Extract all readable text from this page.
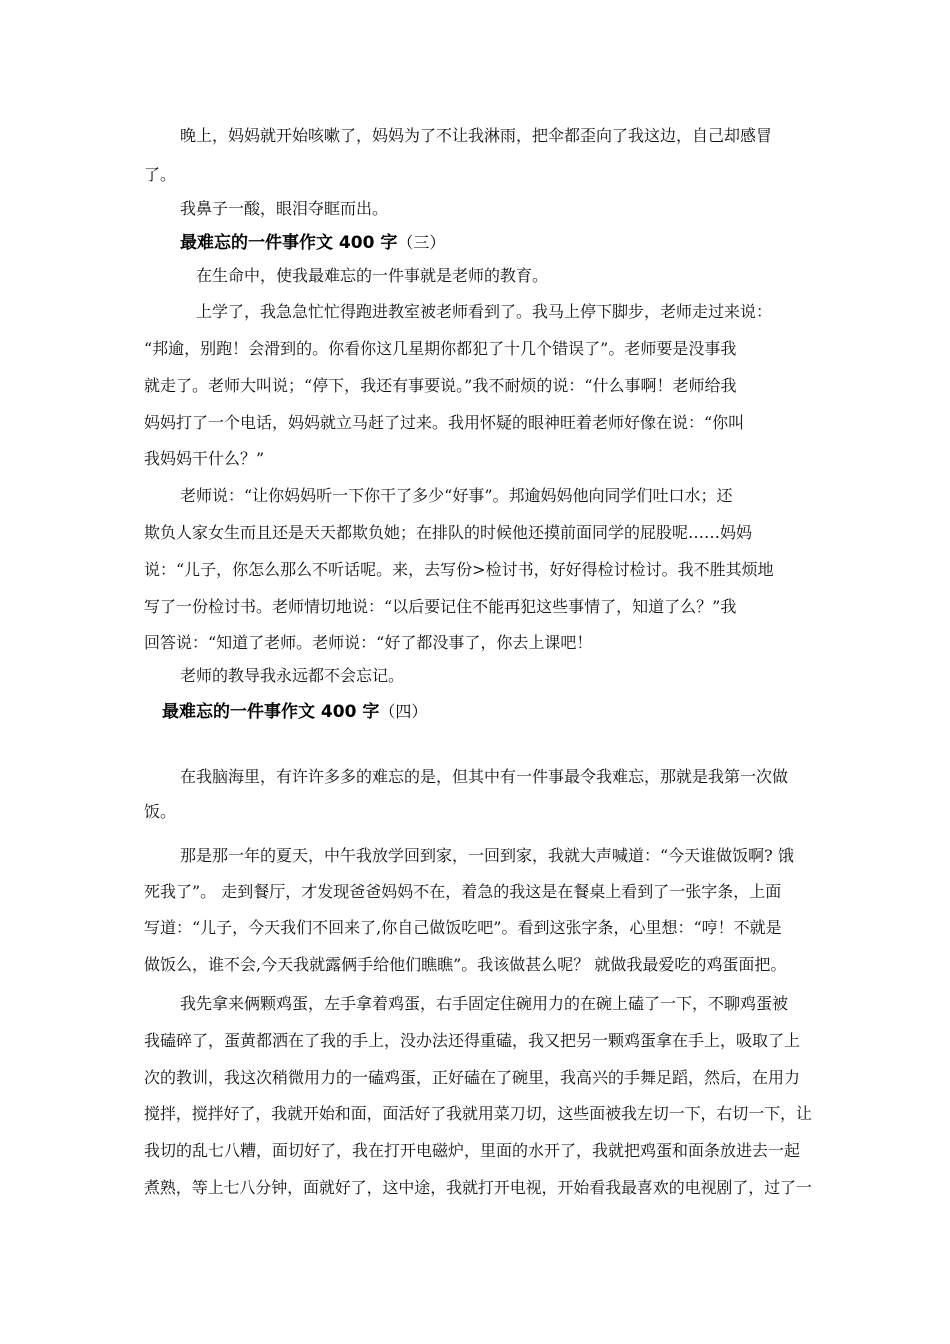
晚上，妈妈就开始咳嗽了，妈妈为了不让我淋雨，把伞都歪向了我这边，自己却感冒
了。
我鼻子一酸，眼泪夺眶而出。
最难忘的一件事作文 400 字（三）
在生命中，使我最难忘的一件事就是老师的教育。
上学了，我急急忙忙得跑进教室被老师看到了。我马上停下脚步，老师走过来说：
“邦逾，别跑！会滑到的。你看你这几星期你都犯了十几个错误了”。老师要是没事我
就走了。老师大叫说；“停下，我还有事要说。”我不耐烦的说：“什么事啊！老师给我
妈妈打了一个电话，妈妈就立马赶了过来。我用怀疑的眼神旺着老师好像在说：“你叫
我妈妈干什么？”
老师说：“让你妈妈听一下你干了多少“好事”。邦逾妈妈他向同学们吐口水；还
欺负人家女生而且还是天天都欺负她；在排队的时候他还摸前面同学的屁股呢……妈妈
说：“儿子，你怎么那么不听话呢。来，去写份>检讨书，好好得检讨检讨。我不胜其烦地
写了一份检讨书。老师情切地说：“以后要记住不能再犯这些事情了，知道了么？”我
回答说：“知道了老师。老师说：“好了都没事了，你去上课吧！
老师的教导我永远都不会忘记。
最难忘的一件事作文 400 字（四）
在我脑海里，有许许多多的难忘的是，但其中有一件事最令我难忘，那就是我第一次做
饭。
那是那一年的夏天，中午我放学回到家，一回到家，我就大声喊道：“今天谁做饭啊? 饿
死我了”。 走到餐厅，才发现爸爸妈妈不在，着急的我这是在餐桌上看到了一张字条，上面
写道：“儿子，今天我们不回来了,你自己做饭吃吧”。看到这张字条，心里想：“哼！不就是
做饭么，谁不会,今天我就露俩手给他们瞧瞧”。我该做甚么呢？ 就做我最爱吃的鸡蛋面把。
我先拿来俩颗鸡蛋，左手拿着鸡蛋，右手固定住碗用力的在碗上磕了一下，不聊鸡蛋被
我磕碎了，蛋黄都洒在了我的手上，没办法还得重磕，我又把另一颗鸡蛋拿在手上，吸取了上
次的教训，我这次稍微用力的一磕鸡蛋，正好磕在了碗里，我高兴的手舞足蹈，然后，在用力
搅拌，搅拌好了，我就开始和面，面活好了我就用菜刀切，这些面被我左切一下，右切一下，让
我切的乱七八糟，面切好了，我在打开电磁炉，里面的水开了，我就把鸡蛋和面条放进去一起
煮熟，等上七八分钟，面就好了，这中途，我就打开电视，开始看我最喜欢的电视剧了，过了一
